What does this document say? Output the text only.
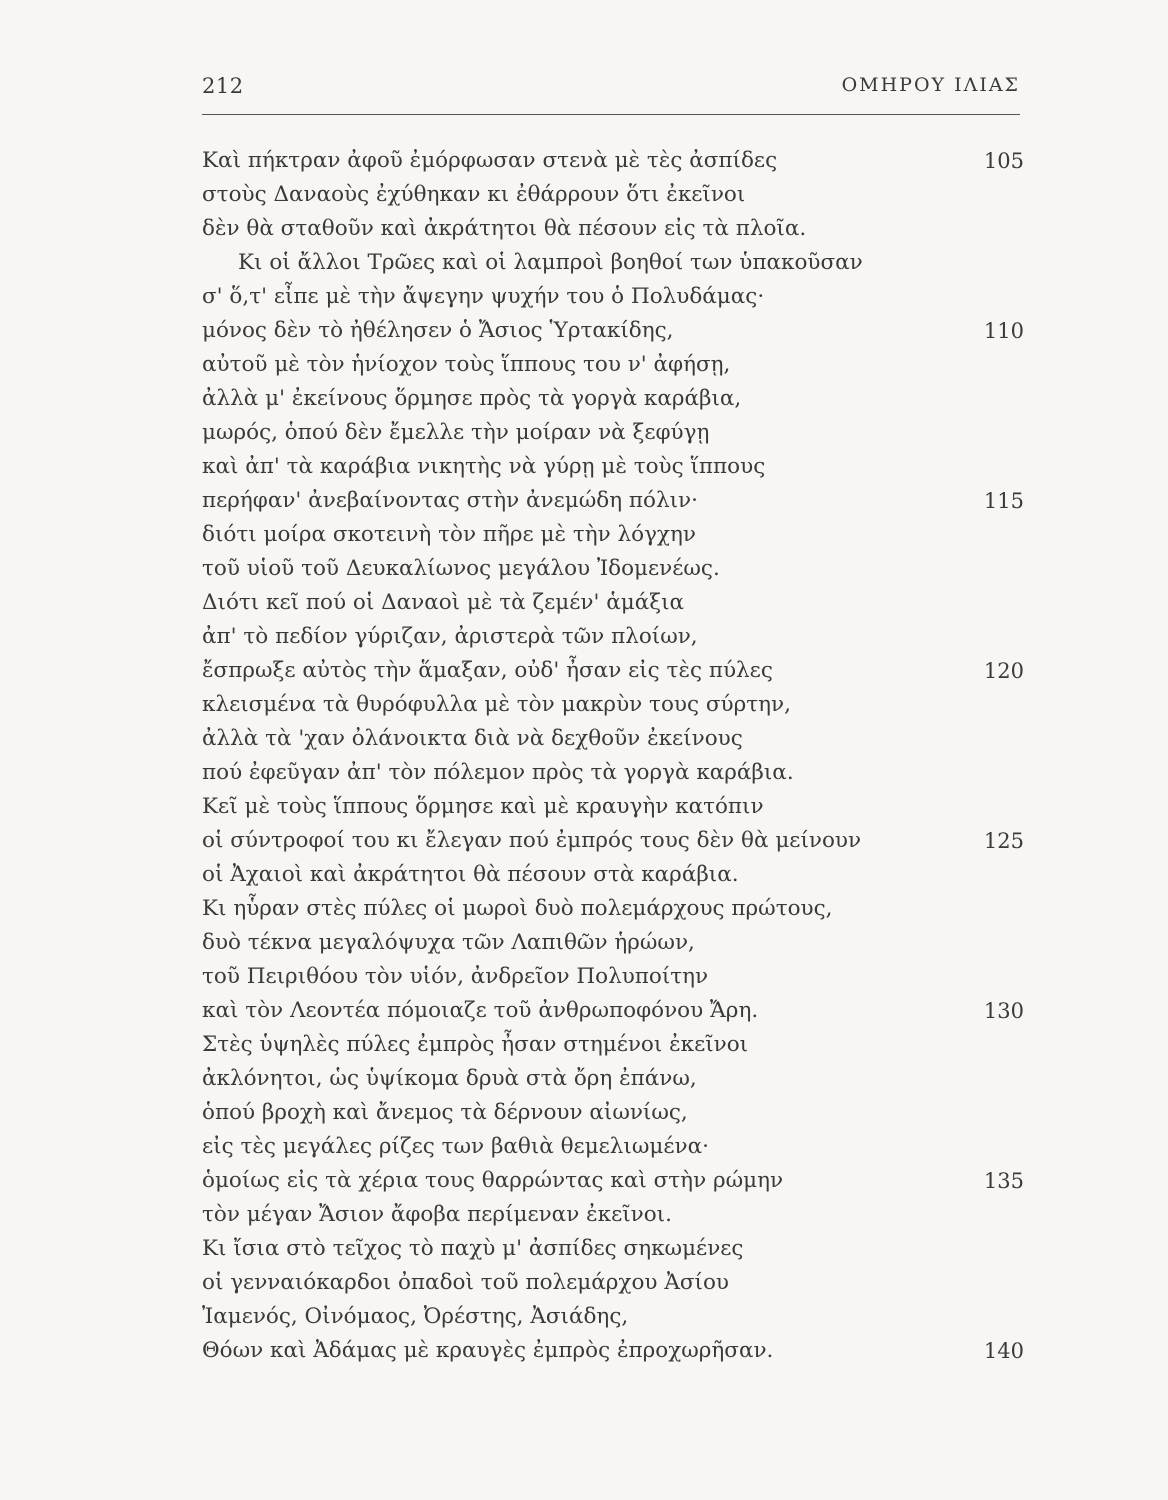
212	ΟΜΗΡΟΥ ΙΛΙΑΣ
Καὶ πήκτραν ἀφοῦ ἐμόρφωσαν στενὰ μὲ τὲς ἀσπίδες	105
στοὺς Δαναοὺς ἐχύθηκαν κι ἐθάρρουν ὅτι ἐκεῖνοι
δὲν θὰ σταθοῦν καὶ ἀκράτητοι θὰ πέσουν εἰς τὰ πλοῖα.
Κι οἱ ἄλλοι Τρῶες καὶ οἱ λαμπροὶ βοηθοί των ὑπακοῦσαν
σ' ὅ,τ' εἶπε μὲ τὴν ἄψεγην ψυχήν του ὁ Πολυδάμας·
μόνος δὲν τὸ ἠθέλησεν ὁ Ἄσιος Ὑρτακίδης,	110
αὐτοῦ μὲ τὸν ἡνίοχον τοὺς ἵππους του ν' ἀφήσῃ,
ἀλλὰ μ' ἐκείνους ὅρμησε πρὸς τὰ γοργὰ καράβια,
μωρός, ὁπού δὲν ἔμελλε τὴν μοίραν νὰ ξεφύγῃ
καὶ ἀπ' τὰ καράβια νικητὴς νὰ γύρῃ μὲ τοὺς ἵππους
περήφαν' ἀνεβαίνοντας στὴν ἀνεμώδη πόλιν·	115
διότι μοίρα σκοτεινὴ τὸν πῆρε μὲ τὴν λόγχην
τοῦ υἱοῦ τοῦ Δευκαλίωνος μεγάλου Ἰδομενέως.
Διότι κεῖ πού οἱ Δαναοὶ μὲ τὰ ζεμέν' ἁμάξια
ἀπ' τὸ πεδίον γύριζαν, ἀριστερὰ τῶν πλοίων,
ἔσπρωξε αὐτὸς τὴν ἅμαξαν, οὐδ' ἦσαν εἰς τὲς πύλες	120
κλεισμένα τὰ θυρόφυλλα μὲ τὸν μακρὺν τους σύρτην,
ἀλλὰ τὰ 'χαν ὀλάνοικτα διὰ νὰ δεχθοῦν ἐκείνους
πού ἐφεῦγαν ἀπ' τὸν πόλεμον πρὸς τὰ γοργὰ καράβια.
Κεῖ μὲ τοὺς ἵππους ὅρμησε καὶ μὲ κραυγὴν κατόπιν
οἱ σύντροφοί του κι ἔλεγαν πού ἐμπρός τους δὲν θὰ μείνουν	125
οἱ Ἀχαιοὶ καὶ ἀκράτητοι θὰ πέσουν στὰ καράβια.
Κι ηὗραν στὲς πύλες οἱ μωροὶ δυὸ πολεμάρχους πρώτους,
δυὸ τέκνα μεγαλόψυχα τῶν Λαπιθῶν ἡρώων,
τοῦ Πειριθόου τὸν υἱόν, ἀνδρεῖον Πολυποίτην
καὶ τὸν Λεοντέα πόμοιαζε τοῦ ἀνθρωποφόνου Ἄρη.	130
Στὲς ὑψηλὲς πύλες ἐμπρὸς ἦσαν στημένοι ἐκεῖνοι
ἀκλόνητοι, ὡς ὑψίκομα δρυὰ στὰ ὄρη ἐπάνω,
ὁπού βροχὴ καὶ ἄνεμος τὰ δέρνουν αἰωνίως,
εἰς τὲς μεγάλες ρίζες των βαθιὰ θεμελιωμένα·
ὁμοίως εἰς τὰ χέρια τους θαρρώντας καὶ στὴν ρώμην	135
τὸν μέγαν Ἄσιον ἄφοβα περίμεναν ἐκεῖνοι.
Κι ἴσια στὸ τεῖχος τὸ παχὺ μ' ἀσπίδες σηκωμένες
οἱ γενναιόκαρδοι ὀπαδοὶ τοῦ πολεμάρχου Ἀσίου
Ἰαμενός, Οἰνόμαος, Ὀρέστης, Ἀσιάδης,
Θόων καὶ Ἀδάμας μὲ κραυγὲς ἐμπρὸς ἐπροχωρῆσαν.	140
